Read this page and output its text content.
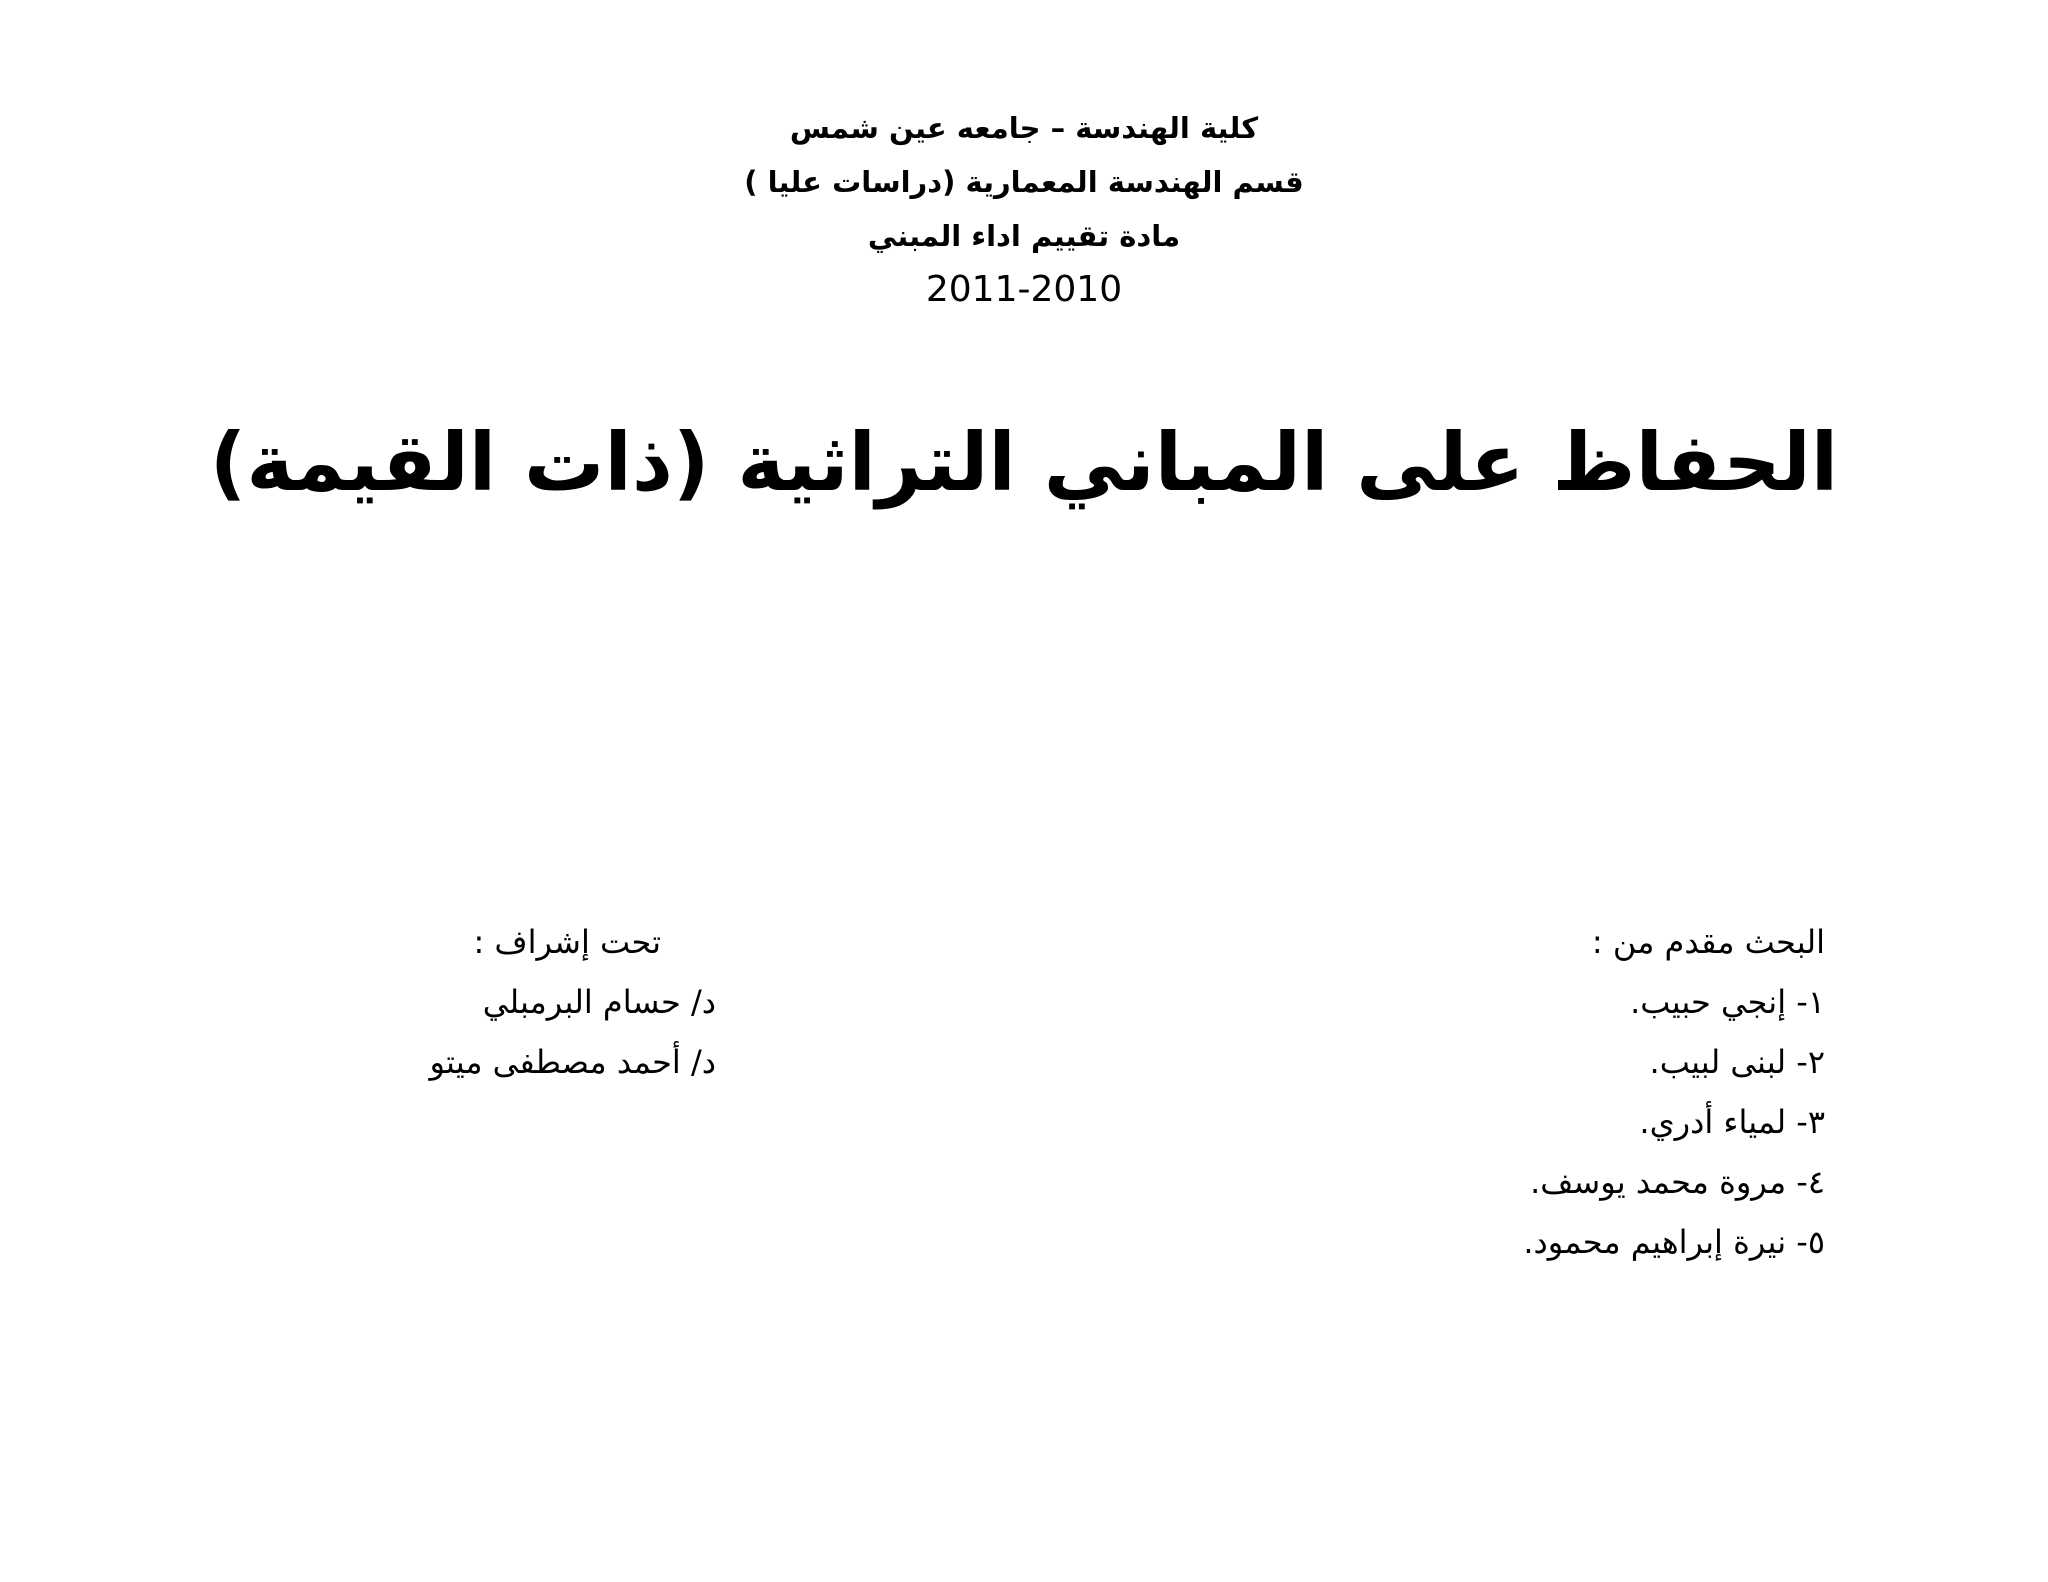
كلية الهندسة – جامعه عين شمس
قسم الهندسة المعمارية (دراسات عليا )
مادة تقييم اداء المبني
2011-2010
الحفاظ على المباني التراثية (ذات القيمة)
البحث مقدم من :
١- إنجي حبيب.
٢- لبنى لبيب.
٣- لمياء أدري.
٤- مروة محمد يوسف.
٥- نيرة إبراهيم محمود.
تحت إشراف :
د/ حسام البرمبلي
د/ أحمد مصطفى ميتو
